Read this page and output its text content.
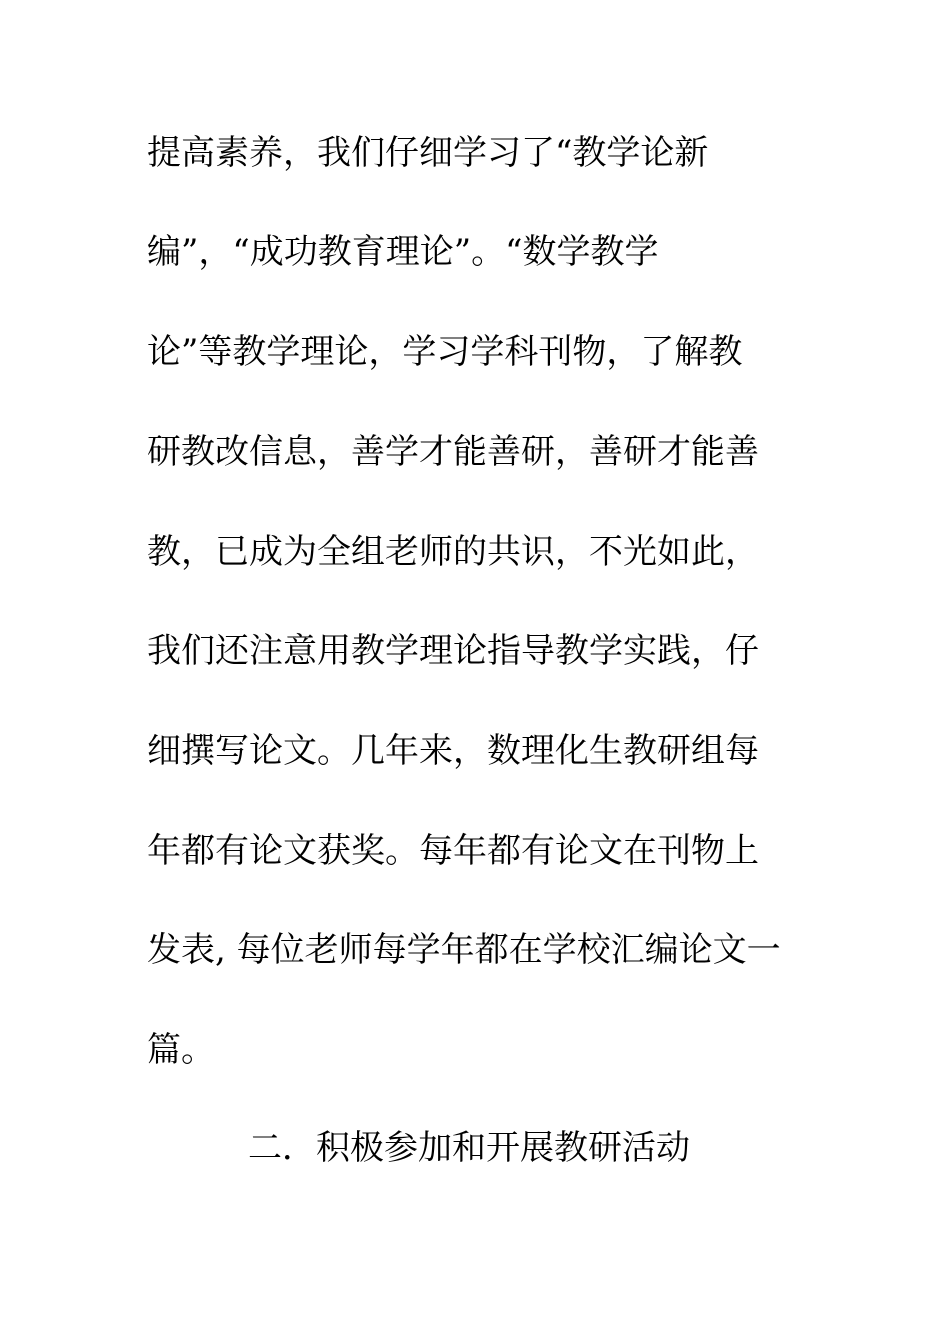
提高素养，我们仔细学习了“教学论新
编”，“成功教育理论”。“数学教学
论”等教学理论，学习学科刊物，了解教
研教改信息，善学才能善研，善研才能善
教，已成为全组老师的共识，不光如此，
我们还注意用教学理论指导教学实践，仔
细撰写论文。几年来，数理化生教研组每
年都有论文获奖。每年都有论文在刊物上
发表, 每位老师每学年都在学校汇编论文一
篇。
二．积极参加和开展教研活动
